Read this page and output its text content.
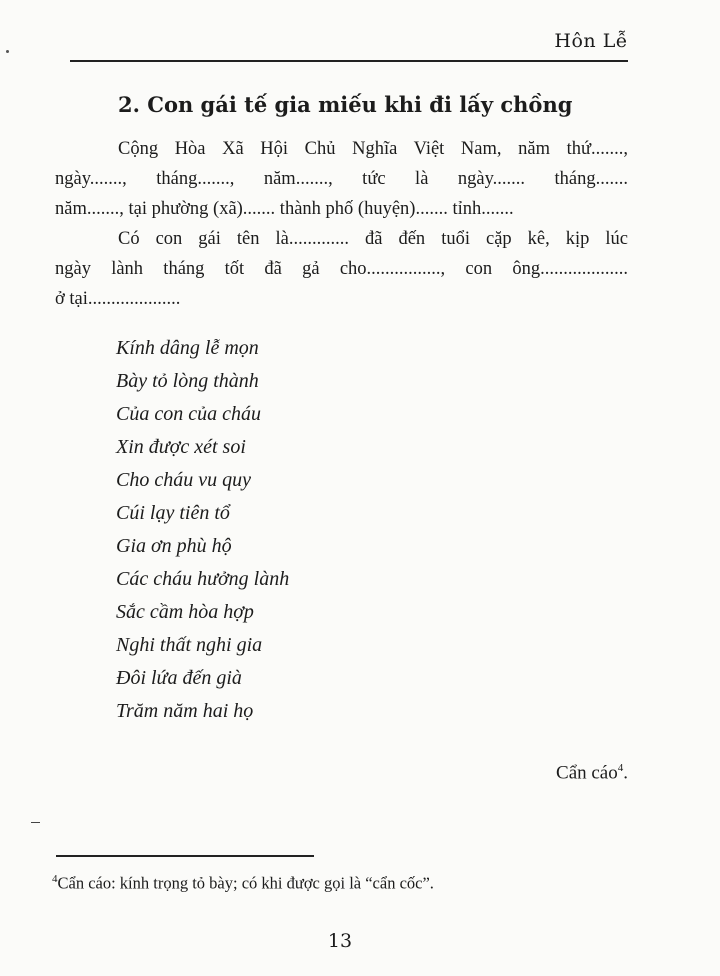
Hôn Lễ
2. Con gái tế gia miếu khi đi lấy chồng

Cộng Hòa Xã Hội Chủ Nghĩa Việt Nam, năm thứ.......,
ngày......., tháng......., năm......., tức là ngày....... tháng.......
năm......., tại phường (xã)....... thành phố (huyện)....... tỉnh.......

Có con gái tên là............. đã đến tuổi cặp kê, kịp lúc
ngày lành tháng tốt đã gả cho................, con ông...................
ở tại....................

Kính dâng lễ mọn
Bày tỏ lòng thành
Của con của cháu
Xin được xét soi
Cho cháu vu quy
Cúi lạy tiên tổ
Gia ơn phù hộ
Các cháu hưởng lành
Sắc cầm hòa hợp
Nghi thất nghi gia
Đôi lứa đến già
Trăm năm hai họ
Cẩn cáo$^4$.
$^4$Cẩn cáo: kính trọng tỏ bày; có khi được gọi là “cẩn cốc”.
13
